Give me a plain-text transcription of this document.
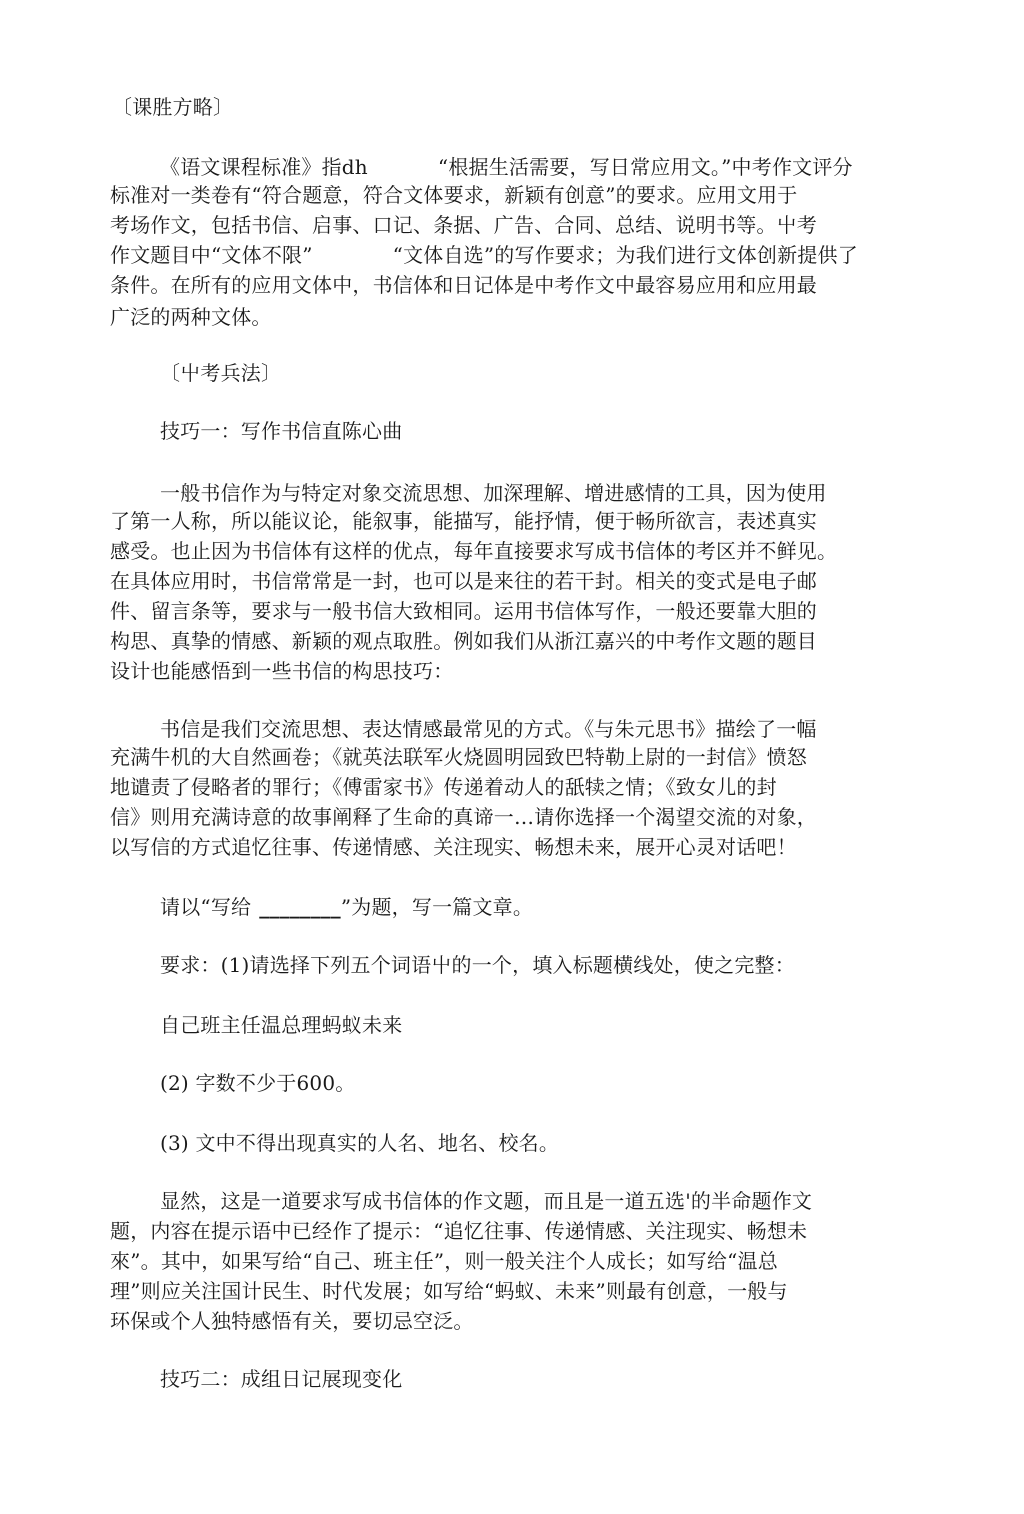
〔课胜方略〕
《语文课程标准》指dh	“根据生活需要，写日常应用文。”中考作文评分
标准对一类卷有“符合题意，符合文体要求，新颖有创意”的要求。应用文用于
考场作文，包括书信、启事、口记、条据、广告、合同、总结、说明书等。屮考
作文题目中“文体不限”	“文体自选”的写作要求；为我们进行文体创新提供了
条件。在所有的应用文体中，书信体和日记体是中考作文中最容易应用和应用最
广泛的两种文体。
〔屮考兵法〕
技巧一：写作书信直陈心曲
一般书信作为与特定对象交流思想、加深理解、增进感情的工具，因为使用
了第一人称，所以能议论，能叙事，能描写，能抒情，便于畅所欲言，表述真实
感受。也止因为书信体有这样的优点，每年直接要求写成书信体的考区并不鲜见。
在具体应用时，书信常常是一封，也可以是来往的若干封。相关的变式是电子邮
件、留言条等，要求与一般书信大致相同。运用书信体写作，一般还要靠大胆的
构思、真挚的情感、新颖的观点取胜。例如我们从浙江嘉兴的中考作文题的题目
设计也能感悟到一些书信的构思技巧：
书信是我们交流思想、表达情感最常见的方式。《与朱元思书》描绘了一幅
充满牛机的大自然画卷；《就英法联军火烧圆明园致巴特勒上尉的一封信》愤怒
地谴责了侵略者的罪行；《傅雷家书》传递着动人的舐犊之情；《致女儿的封
信》则用充满诗意的故事阐释了生命的真谛一…请你选择一个渴望交流的对象，
以写信的方式追忆往事、传递情感、关注现实、畅想未来，展开心灵对话吧！
请以“写给 ________”为题，写一篇文章。
要求：(1)请选择下列五个词语屮的一个，填入标题横线处，使之完整：
自己班主任温总理蚂蚁未来
(2) 字数不少于600。
(3) 文中不得出现真实的人名、地名、校名。
显然，这是一道要求写成书信体的作文题，而且是一道五选'的半命题作文
题，内容在提示语中已经作了提示：“追忆往事、传递情感、关注现实、畅想未
來”。其中，如果写给“自己、班主任”，则一般关注个人成长；如写给“温总
理”则应关注国计民生、时代发展；如写给“蚂蚁、未来”则最有创意，一般与
环保或个人独特感悟有关，要切忌空泛。
技巧二：成组日记展现变化
